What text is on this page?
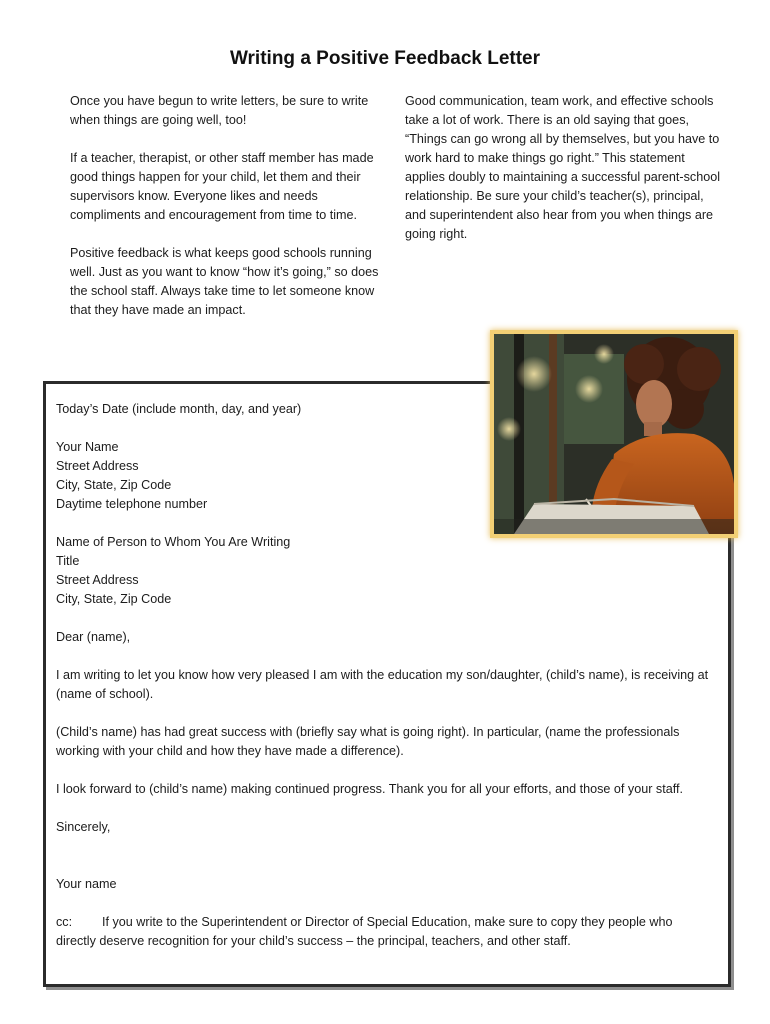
Writing a Positive Feedback Letter

Once you have begun to write letters, be sure to write when things are going well, too!

If a teacher, therapist, or other staff member has made good things happen for your child, let them and their supervisors know. Everyone likes and needs compliments and encouragement from time to time.

Positive feedback is what keeps good schools running well. Just as you want to know “how it’s going,” so does the school staff. Always take time to let someone know that they have made an impact.

Good communication, team work, and effective schools take a lot of work. There is an old saying that goes, “Things can go wrong all by themselves, but you have to work hard to make things go right.” This statement applies doubly to maintaining a successful parent-school relationship. Be sure your child’s teacher(s), principal, and superintendent also hear from you when things are going right.

Today’s Date (include month, day, and year)
Your Name
Street Address
City, State, Zip Code
Daytime telephone number
Name of Person to Whom You Are Writing
Title
Street Address
City, State, Zip Code
Dear (name),
I am writing to let you know how very pleased I am with the education my son/daughter, (child’s name), is receiving at (name of school).
(Child’s name) has had great success with (briefly say what is going right). In particular, (name the professionals working with your child and how they have made a difference).
I look forward to (child’s name) making continued progress. Thank you for all your efforts, and those of your staff.
Sincerely,
Your name
cc: If you write to the Superintendent or Director of Special Education, make sure to copy they people who directly deserve recognition for your child’s success – the principal, teachers, and other staff.
